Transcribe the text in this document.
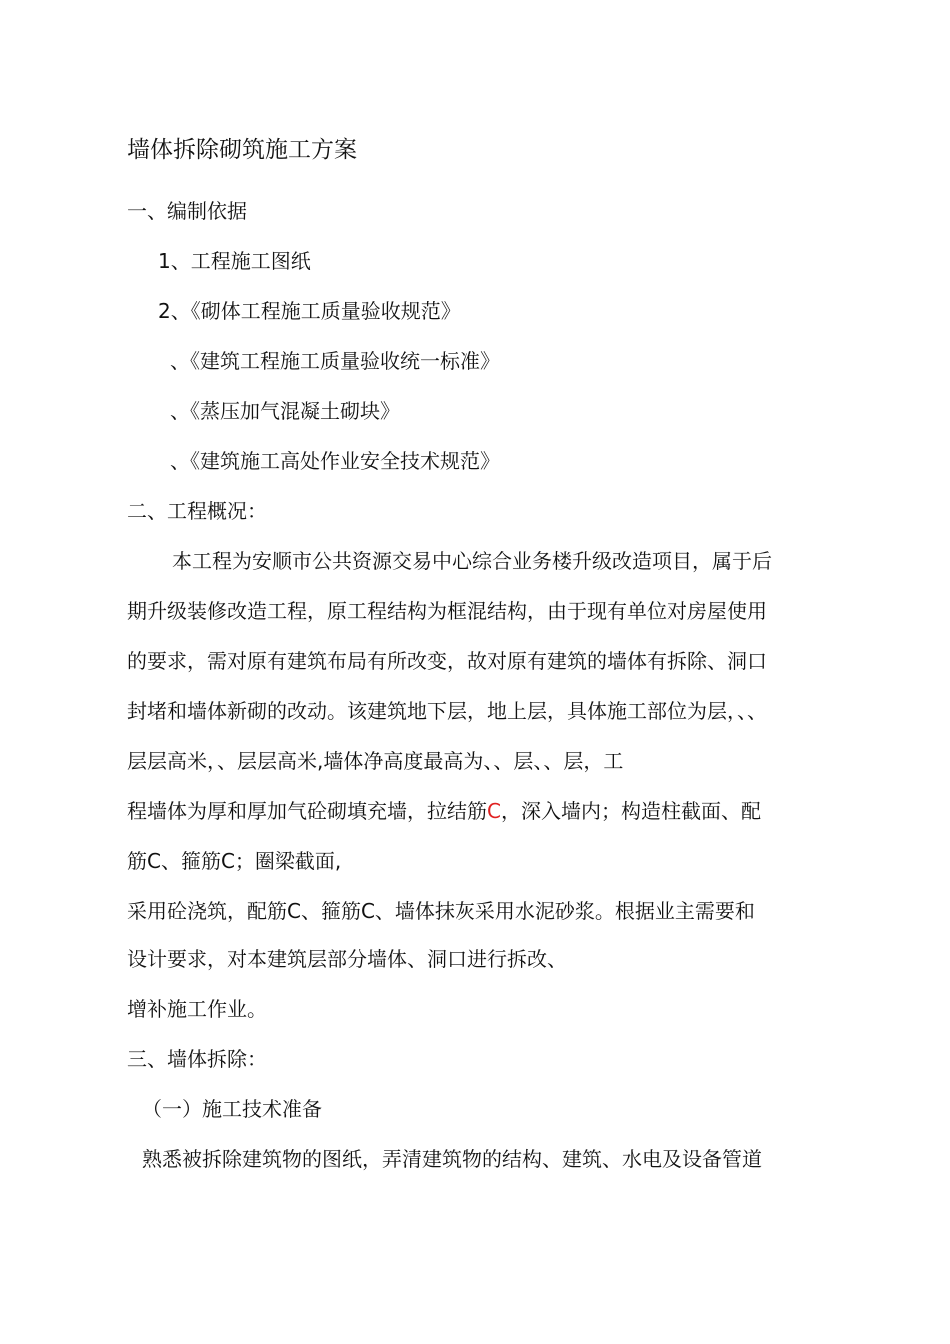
墙体拆除砌筑施工方案
一、编制依据
1、工程施工图纸
2、《砌体工程施工质量验收规范》
、《建筑工程施工质量验收统一标准》
、《蒸压加气混凝土砌块》
、《建筑施工高处作业安全技术规范》
二、工程概况：
本工程为安顺市公共资源交易中心综合业务楼升级改造项目，属于后
期升级装修改造工程，原工程结构为框混结构，由于现有单位对房屋使用
的要求，需对原有建筑布局有所改变，故对原有建筑的墙体有拆除、洞口
封堵和墙体新砌的改动。该建筑地下层，地上层，具体施工部位为层，、、
层层高米，、层层高米,墙体净高度最高为、、层、、层，工
程墙体为厚和厚加气砼砌填充墙，拉结筋C，深入墙内；构造柱截面、配
筋C、箍筋C；圈梁截面,
采用砼浇筑，配筋C、箍筋C、墙体抹灰采用水泥砂浆。根据业主需要和
设计要求，对本建筑层部分墙体、洞口进行拆改、
增补施工作业。
三、墙体拆除：
（一）施工技术准备
熟悉被拆除建筑物的图纸，弄清建筑物的结构、建筑、水电及设备管道
